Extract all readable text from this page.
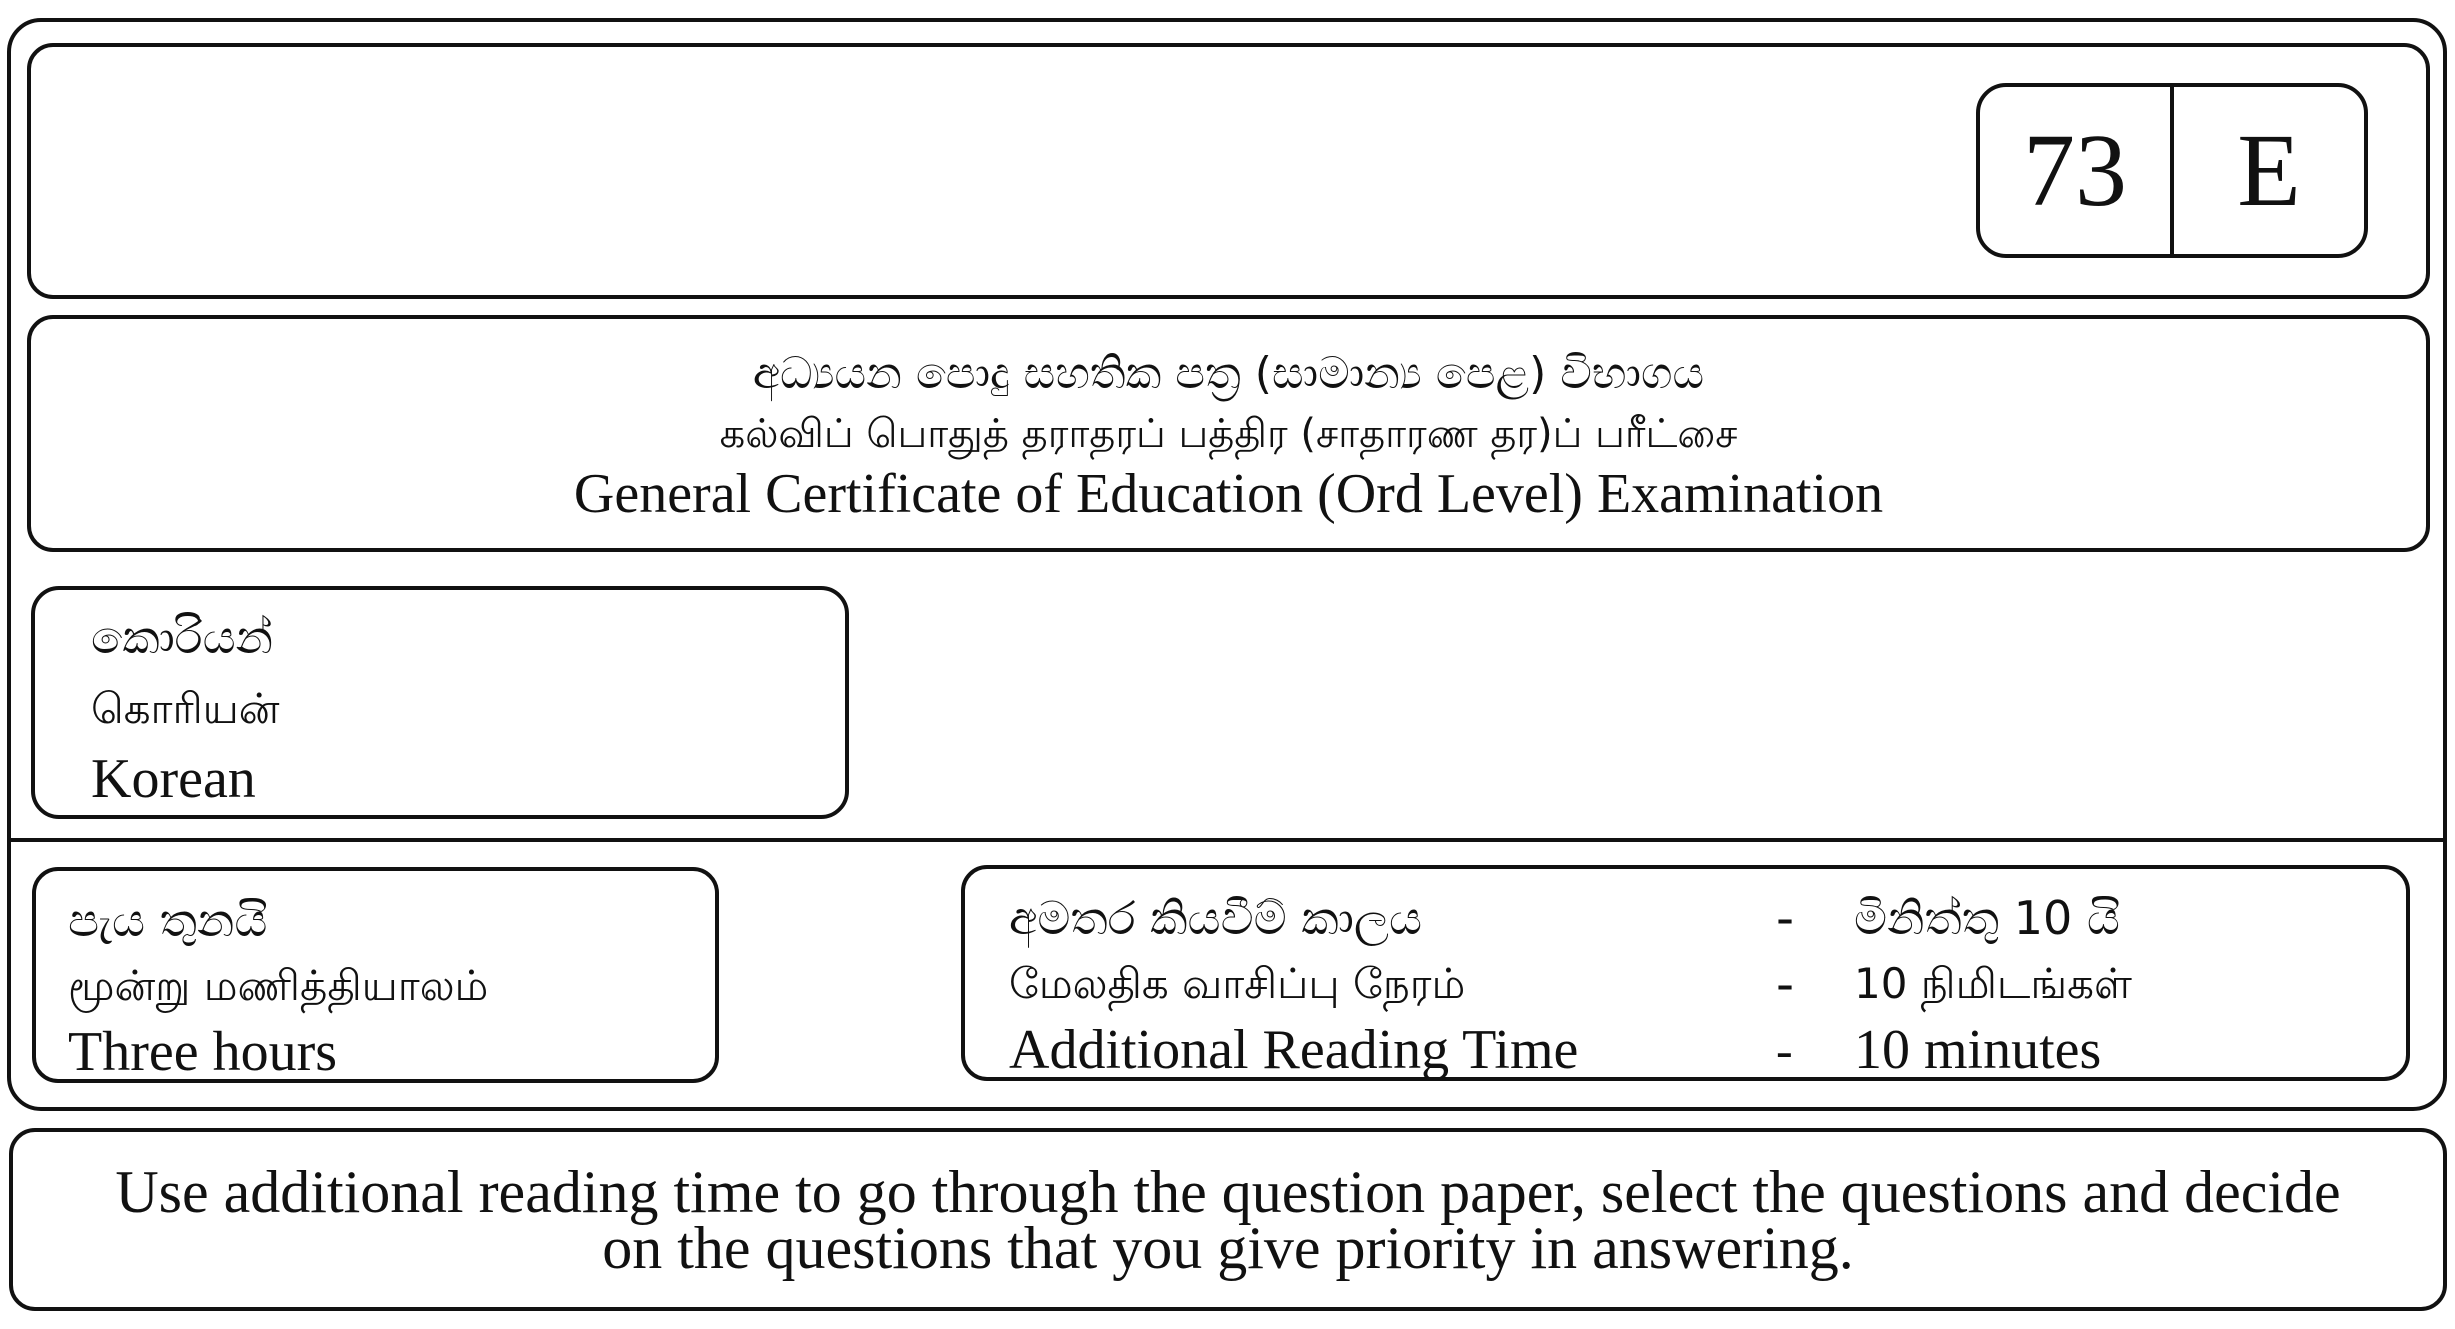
73	E
අධ්‍යයන පොදු සහතික පත්‍ර (සාමාන්‍ය පෙළ) විභාගය
கல்விப் பொதுத் தராதரப் பத்திர (சாதாரண தர)ப் பரீட்சை
General Certificate of Education (Ord Level) Examination
කොරියන්
கொரியன்
Korean
පැය තුනයි
மூன்று மணித்தியாலம்
Three hours
අමතර කියවීම් කාලය	- මිනිත්තු 10 යි
மேலதிக வாசிப்பு நேரம்	- 10 நிமிடங்கள்
Additional Reading Time	- 10 minutes
Use additional reading time to go through the question paper, select the questions and decide
on the questions that you give priority in answering.
